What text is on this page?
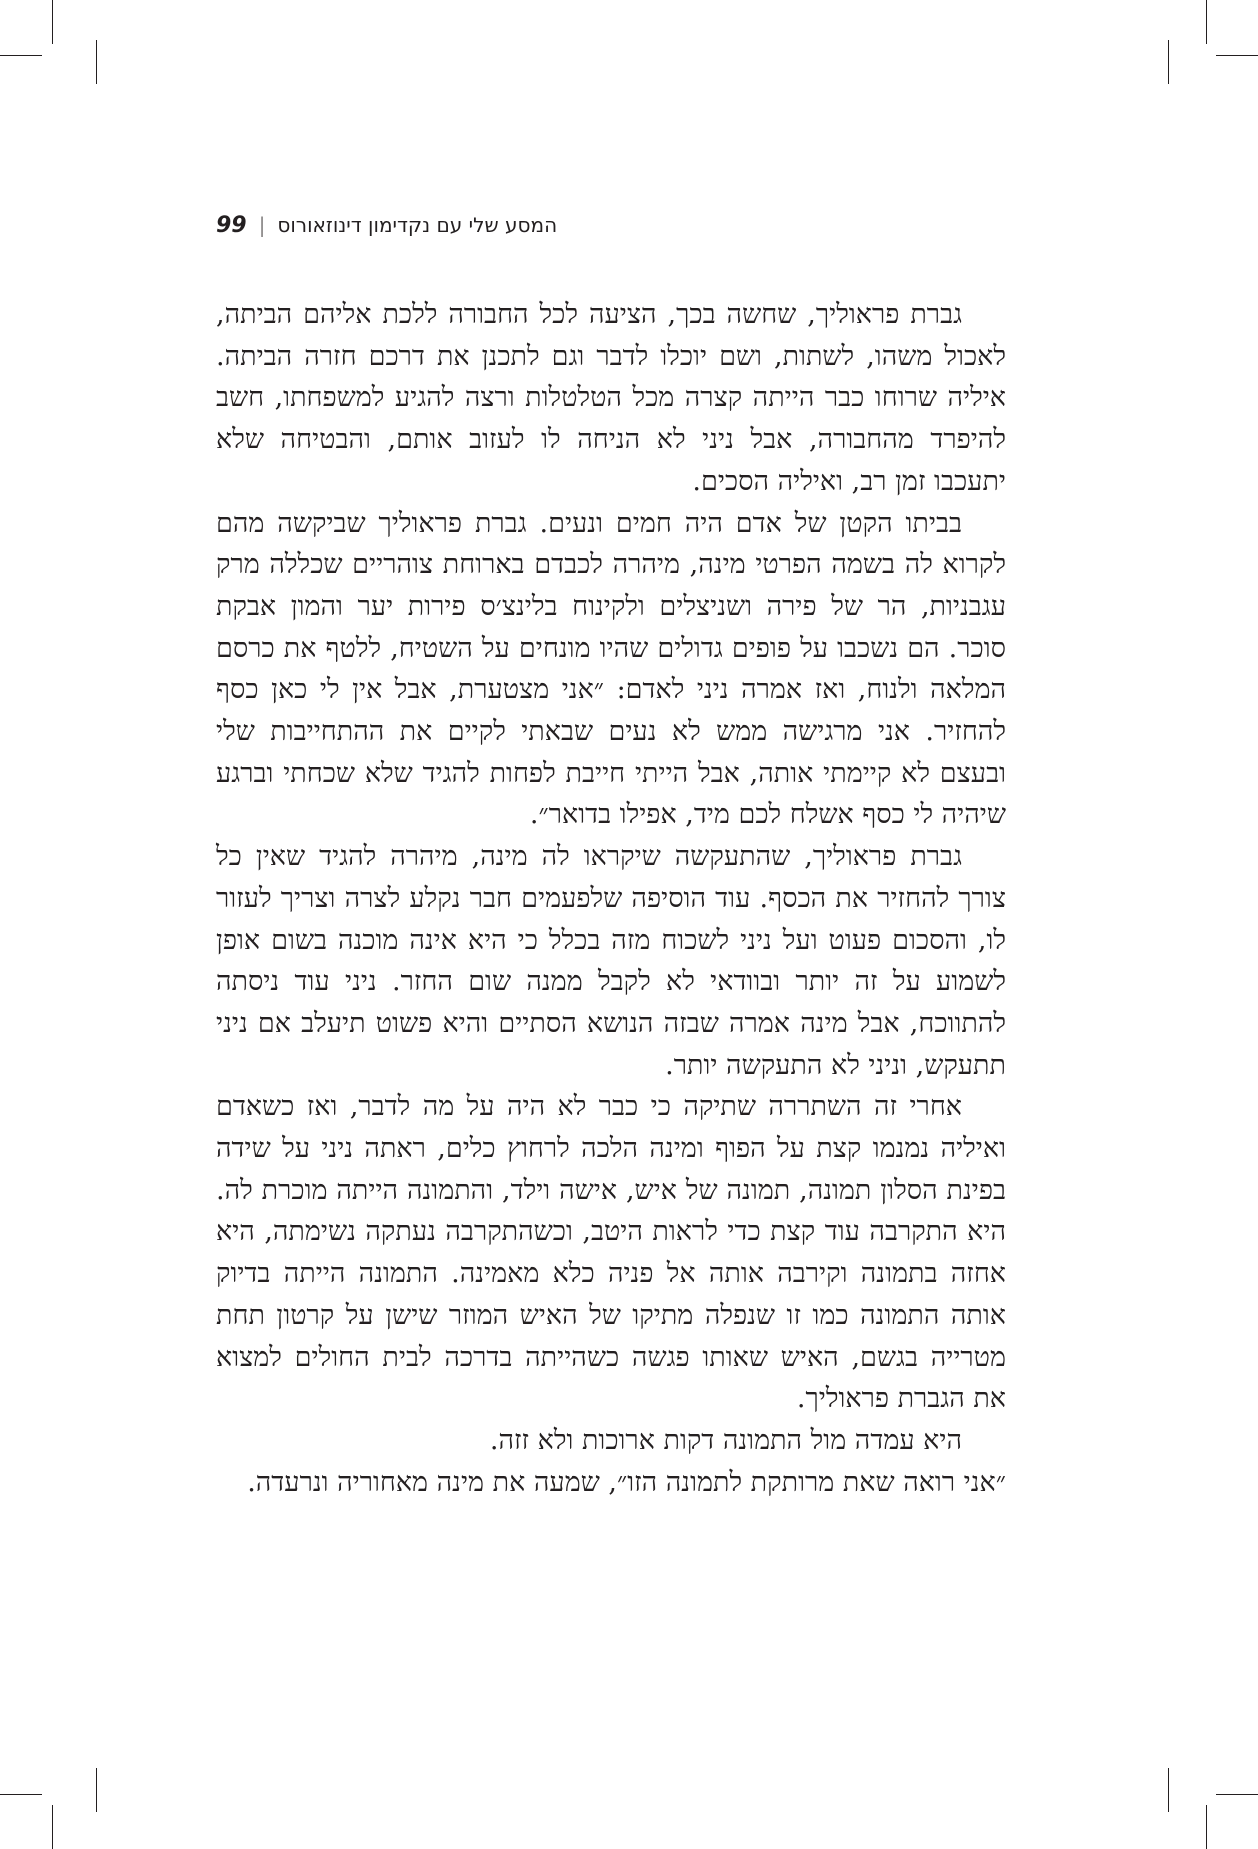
המסע שלי עם נקדימון דינוזאורוס
|
99

גברת פראוליך, שחשה בכך, הציעה לכל החבורה ללכת אליהם הביתה, לאכול משהו, לשתות, ושם יוכלו לדבר וגם לתכנן את דרכם חזרה הביתה. איליה שרוחו כבר הייתה קצרה מכל הטלטלות ורצה להגיע למשפחתו, חשב להיפרד מהחבורה, אבל ניני לא הניחה לו לעזוב אותם, והבטיחה שלא יתעכבו זמן רב, ואיליה הסכים.

בביתו הקטן של אדם היה חמים ונעים. גברת פראוליך שביקשה מהם לקרוא לה בשמה הפרטי מינה, מיהרה לכבדם בארוחת צוהריים שכללה מרק עגבניות, הר של פירה ושניצלים ולקינוח בלינצ׳ס פירות יער והמון אבקת סוכר. הם נשכבו על פופים גדולים שהיו מונחים על השטיח, ללטף את כרסם המלאה ולנוח, ואז אמרה ניני לאדם: ״אני מצטערת, אבל אין לי כאן כסף להחזיר. אני מרגישה ממש לא נעים שבאתי לקיים את ההתחייבות שלי ובעצם לא קיימתי אותה, אבל הייתי חייבת לפחות להגיד שלא שכחתי וברגע שיהיה לי כסף אשלח לכם מיד, אפילו בדואר״.

גברת פראוליך, שהתעקשה שיקראו לה מינה, מיהרה להגיד שאין כל צורך להחזיר את הכסף. עוד הוסיפה שלפעמים חבר נקלע לצרה וצריך לעזור לו, והסכום פעוט ועל ניני לשכוח מזה בכלל כי היא אינה מוכנה בשום אופן לשמוע על זה יותר ובוודאי לא לקבל ממנה שום החזר. ניני עוד ניסתה להתווכח, אבל מינה אמרה שבזה הנושא הסתיים והיא פשוט תיעלב אם ניני תתעקש, וניני לא התעקשה יותר.

אחרי זה השתררה שתיקה כי כבר לא היה על מה לדבר, ואז כשאדם ואיליה נמנמו קצת על הפוף ומינה הלכה לרחוץ כלים, ראתה ניני על שידה בפינת הסלון תמונה, תמונה של איש, אישה וילד, והתמונה הייתה מוכרת לה. היא התקרבה עוד קצת כדי לראות היטב, וכשהתקרבה נעתקה נשימתה, היא אחזה בתמונה וקירבה אותה אל פניה כלא מאמינה. התמונה הייתה בדיוק אותה התמונה כמו זו שנפלה מתיקו של האיש המוזר שישן על קרטון תחת מטרייה בגשם, האיש שאותו פגשה כשהייתה בדרכה לבית החולים למצוא את הגברת פראוליך.

היא עמדה מול התמונה דקות ארוכות ולא זזה.

״אני רואה שאת מרותקת לתמונה הזו״, שמעה את מינה מאחוריה ונרעדה.
